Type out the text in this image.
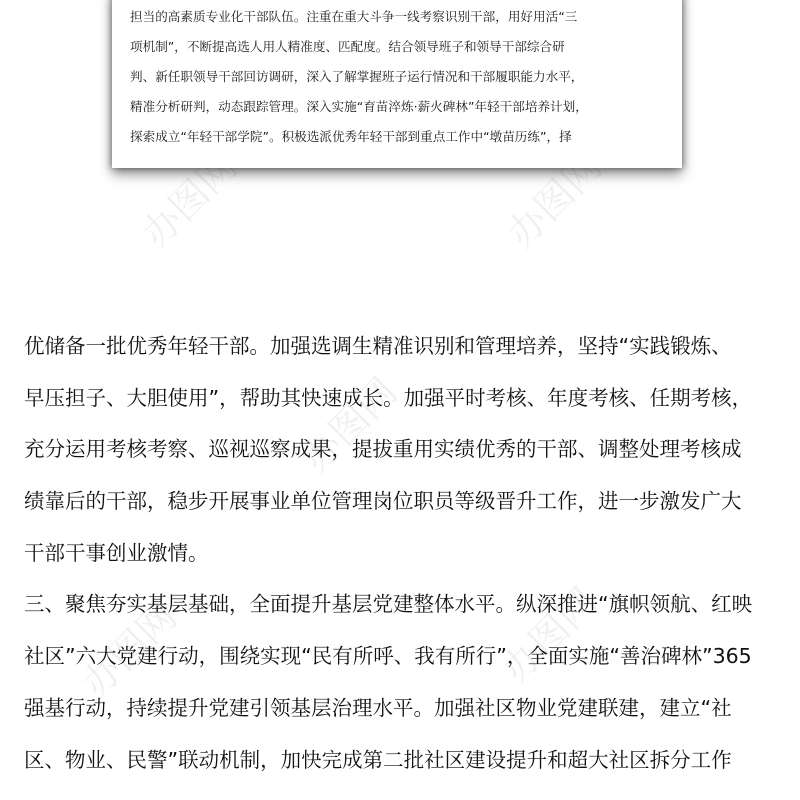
办图网	办图网
办图网
办图网	办图网

担当的高素质专业化干部队伍。注重在重大斗争一线考察识别干部，用好用活“三
项机制”，不断提高选人用人精准度、匹配度。结合领导班子和领导干部综合研
判、新任职领导干部回访调研，深入了解掌握班子运行情况和干部履职能力水平，
精准分析研判，动态跟踪管理。深入实施“育苗淬炼·薪火碑林”年轻干部培养计划，
探索成立“年轻干部学院”。积极选派优秀年轻干部到重点工作中“墩苗历练”，择

优储备一批优秀年轻干部。加强选调生精准识别和管理培养，坚持“实践锻炼、
早压担子、大胆使用”，帮助其快速成长。加强平时考核、年度考核、任期考核，
充分运用考核考察、巡视巡察成果，提拔重用实绩优秀的干部、调整处理考核成
绩靠后的干部，稳步开展事业单位管理岗位职员等级晋升工作，进一步激发广大
干部干事创业激情。
三、聚焦夯实基层基础，全面提升基层党建整体水平。纵深推进“旗帜领航、红映
社区”六大党建行动，围绕实现“民有所呼、我有所行”，全面实施“善治碑林”365
强基行动，持续提升党建引领基层治理水平。加强社区物业党建联建，建立“社
区、物业、民警”联动机制，加快完成第二批社区建设提升和超大社区拆分工作
